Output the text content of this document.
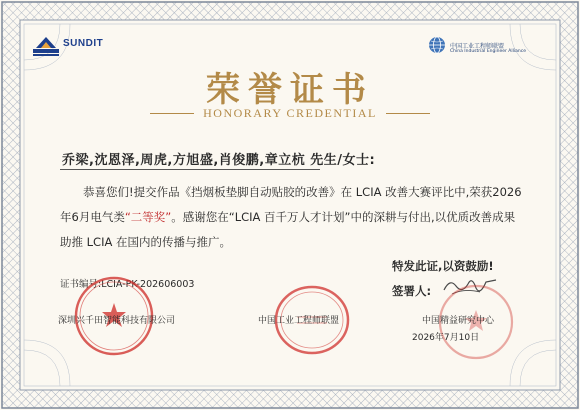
SUNDIT	中国工业工程师联盟
China Industrial Engineer Alliance
荣誉证书
HONORARY CREDENTIAL
乔梁,沈恩泽,周虎,方旭盛,肖俊鹏,章立杭 先生/女士:

恭喜您们!提交作品《挡烟板垫脚自动贴胶的改善》在 LCIA 改善大赛评比中,荣获2026年6月电气类“二等奖”。感谢您在“LCIA 百千万人才计划”中的深耕与付出,以优质改善成果助推 LCIA 在国内的传播与推广。

特发此证,以资鼓励!
证书编号:LCIA-PK-202606003	签署人:
深圳兴千田智能科技有限公司	中国工业工程师联盟	中国精益研究中心
2026年7月10日
